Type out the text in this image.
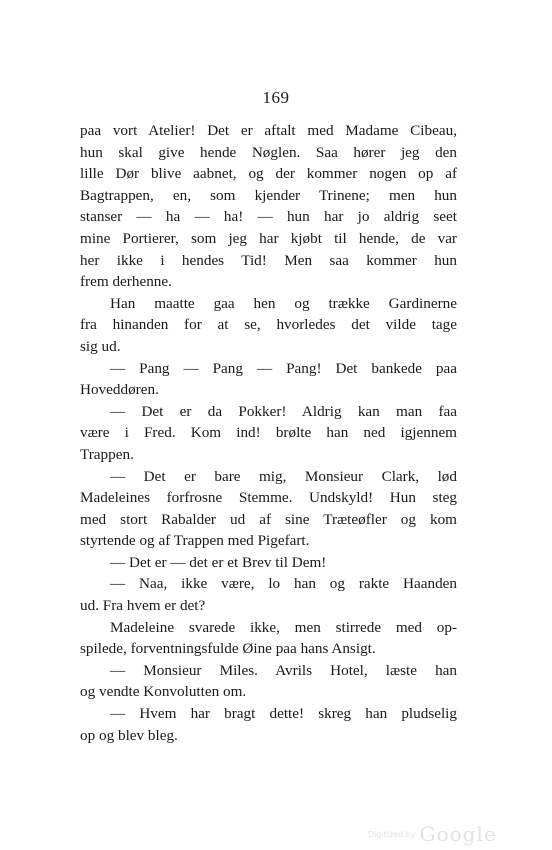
169
paa vort Atelier! Det er aftalt med Madame Cibeau,
hun skal give hende Nøglen. Saa hører jeg den
lille Dør blive aabnet, og der kommer nogen op af
Bagtrappen, en, som kjender Trinene; men hun
stanser — ha — ha! — hun har jo aldrig seet
mine Portierer, som jeg har kjøbt til hende, de var
her ikke i hendes Tid! Men saa kommer hun
frem derhenne.
Han maatte gaa hen og trække Gardinerne
fra hinanden for at se, hvorledes det vilde tage
sig ud.
— Pang — Pang — Pang! Det bankede paa
Hoveddøren.
— Det er da Pokker! Aldrig kan man faa
være i Fred. Kom ind! brølte han ned igjennem
Trappen.
— Det er bare mig, Monsieur Clark, lød
Madeleines forfrosne Stemme. Undskyld! Hun steg
med stort Rabalder ud af sine Træteøfler og kom
styrtende og af Trappen med Pigefart.
— Det er — det er et Brev til Dem!
— Naa, ikke være, lo han og rakte Haanden
ud. Fra hvem er det?
Madeleine svarede ikke, men stirrede med op-
spilede, forventningsfulde Øine paa hans Ansigt.
— Monsieur Miles. Avrils Hotel, læste han
og vendte Konvolutten om.
— Hvem har bragt dette! skreg han pludselig
op og blev bleg.
Digitized by Google
